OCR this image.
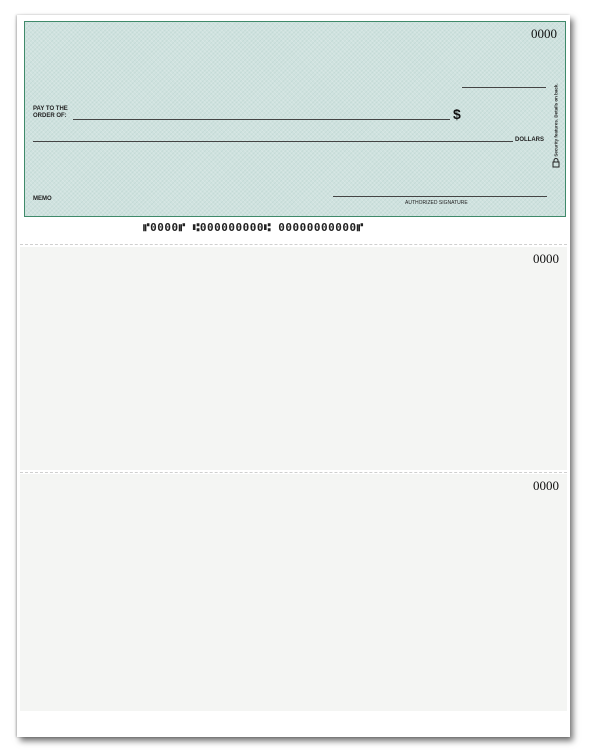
0000
PAY TO THE
ORDER OF:	$
DOLLARS
MEMO
AUTHORIZED SIGNATURE
Security features. Details on back.
⑈0000⑈ ⑆000000000⑆ 00000000000⑈
0000
0000
